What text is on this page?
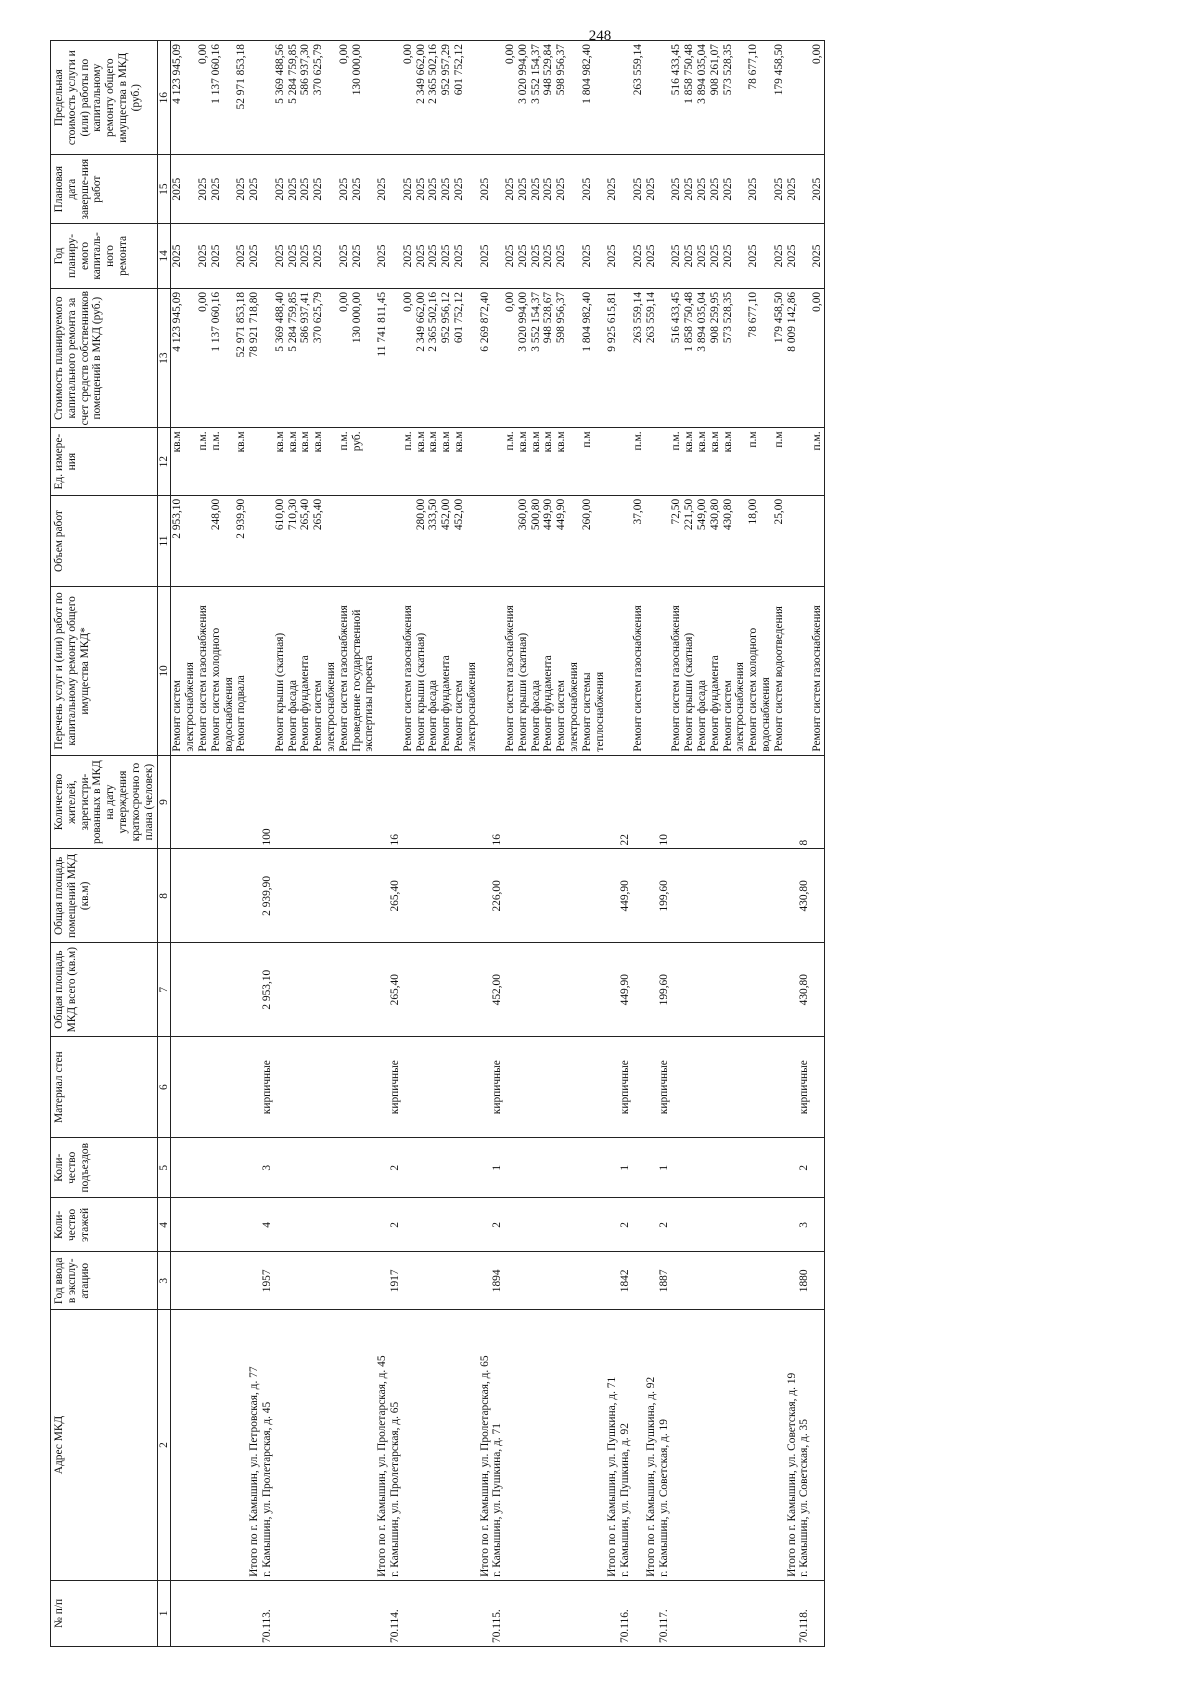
248
№ п/п	Адрес МКД	Год ввода в эксплу-атацию	Коли-чество этажей	Коли-чество подъездов	Материал стен	Общая площадь МКД всего (кв.м)	Общая площадь помещений МКД (кв.м)	Количество жителей, зарегистри-рованных в МКД на дату утверждения краткосрочно го плана (человек)	Перечень услуг и (или) работ по капитальному ремонту общего имущества МКД*	Объем работ	Ед. измере-ния	Стоимость планируемого капитального ремонта за счет средств собственников помещений в МКД (руб.)	Год планиру-емого капиталь-ного ремонта	Плановая дата заверше-ния работ	Предельная стоимость услуги и (или) работы по капитальному ремонту общего имущества в МКД (руб.)
1	2	3	4	5	6	7	8	9	10	11	12	13	14	15	16
									Ремонт систем электроснабжения	2 953,10	кв.м	4 123 945,09	2025	2025	4 123 945,09
									Ремонт систем газоснабжения		п.м.	0,00	2025	2025	0,00
									Ремонт систем холодного водоснабжения	248,00	п.м.	1 137 060,16	2025	2025	1 137 060,16
									Ремонт подвала	2 939,90	кв.м	52 971 853,18	2025	2025	52 971 853,18
	Итого по г. Камышин, ул. Петровская, д. 77											78 921 718,80	2025	2025	
70.113.	г. Камышин, ул. Пролетарская, д. 45	1957	4	3	кирпичные	2 953,10	2 939,90	100							
									Ремонт крыши (скатная)	610,00	кв.м	5 369 488,40	2025	2025	5 369 488,56
									Ремонт фасада	710,30	кв.м	5 284 759,85	2025	2025	5 284 759,85
									Ремонт фундамента	265,40	кв.м	586 937,41	2025	2025	586 937,30
									Ремонт систем электроснабжения	265,40	кв.м	370 625,79	2025	2025	370 625,79
									Ремонт систем газоснабжения		п.м.	0,00	2025	2025	0,00
									Проведение государственной экспертизы проекта		руб.	130 000,00	2025	2025	130 000,00
	Итого по г. Камышин, ул. Пролетарская, д. 45											11 741 811,45	2025	2025	
70.114.	г. Камышин, ул. Пролетарская, д. 65	1917	2	2	кирпичные	265,40	265,40	16							
									Ремонт систем газоснабжения		п.м.	0,00	2025	2025	0,00
									Ремонт крыши (скатная)	280,00	кв.м	2 349 662,00	2025	2025	2 349 662,00
									Ремонт фасада	333,50	кв.м	2 365 502,16	2025	2025	2 365 502,16
									Ремонт фундамента	452,00	кв.м	952 956,12	2025	2025	952 957,29
									Ремонт систем электроснабжения	452,00	кв.м	601 752,12	2025	2025	601 752,12
	Итого по г. Камышин, ул. Пролетарская, д. 65											6 269 872,40	2025	2025	
70.115.	г. Камышин, ул. Пушкина, д. 71	1894	2	1	кирпичные	452,00	226,00	16							
									Ремонт систем газоснабжения		п.м.	0,00	2025	2025	0,00
									Ремонт крыши (скатная)	360,00	кв.м	3 020 994,00	2025	2025	3 020 994,00
									Ремонт фасада	500,80	кв.м	3 552 154,37	2025	2025	3 552 154,37
									Ремонт фундамента	449,90	кв.м	948 528,67	2025	2025	948 529,84
									Ремонт систем электроснабжения	449,90	кв.м	598 956,37	2025	2025	598 956,37
									Ремонт системы теплоснабжения	260,00	п.м	1 804 982,40	2025	2025	1 804 982,40
	Итого по г. Камышин, ул. Пушкина, д. 71											9 925 615,81	2025	2025	
70.116.	г. Камышин, ул. Пушкина, д. 92	1842	2	1	кирпичные	449,90	449,90	22							
									Ремонт систем газоснабжения	37,00	п.м.	263 559,14	2025	2025	263 559,14
	Итого по г. Камышин, ул. Пушкина, д. 92											263 559,14	2025	2025	
70.117.	г. Камышин, ул. Советская, д. 19	1887	2	1	кирпичные	199,60	199,60	10							
									Ремонт систем газоснабжения	72,50	п.м.	516 433,45	2025	2025	516 433,45
									Ремонт крыши (скатная)	221,50	кв.м	1 858 750,48	2025	2025	1 858 750,48
									Ремонт фасада	549,00	кв.м	3 894 035,04	2025	2025	3 894 035,04
									Ремонт фундамента	430,80	кв.м	908 259,95	2025	2025	908 261,07
									Ремонт систем электроснабжения	430,80	кв.м	573 528,35	2025	2025	573 528,35
									Ремонт систем холодного водоснабжения	18,00	п.м	78 677,10	2025	2025	78 677,10
									Ремонт систем водоотведения	25,00	п.м	179 458,50	2025	2025	179 458,50
	Итого по г. Камышин, ул. Советская, д. 19											8 009 142,86	2025	2025	
70.118.	г. Камышин, ул. Советская, д. 35	1880	3	2	кирпичные	430,80	430,80	8							
									Ремонт систем газоснабжения		п.м.	0,00	2025	2025	0,00
